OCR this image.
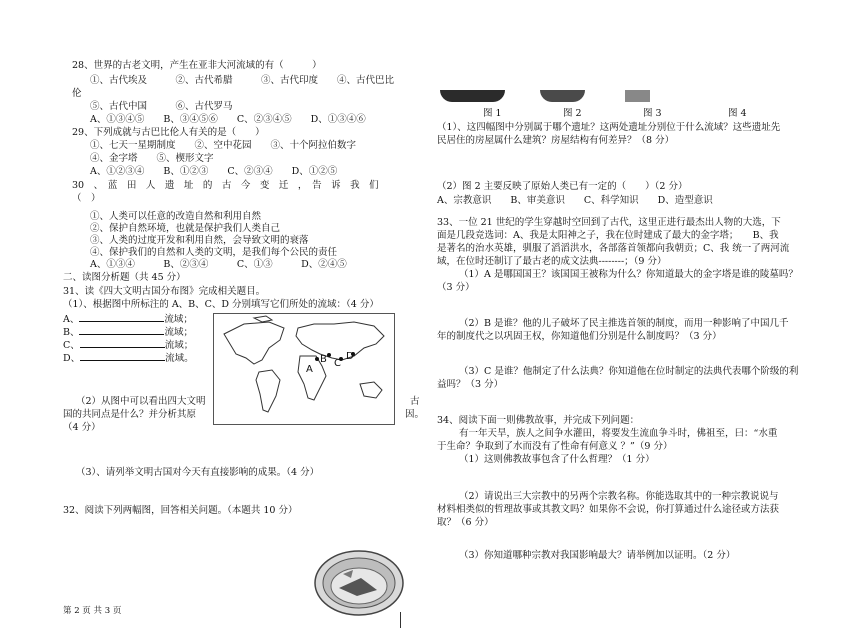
28、世界的古老文明，产生在亚非大河流域的有（　　　）
①、古代埃及　　　②、古代希腊　　　③、古代印度　　④、古代巴比
伦
⑤、古代中国　　　⑥、古代罗马
A、①③④⑤　　B、③④⑤⑥　　C、②③④⑤　　D、①③④⑥
29、下列成就与古巴比伦人有关的是（　　）
①、七天一星期制度　　②、空中花园　　③、十个阿拉伯数字
④、金字塔　　⑤、楔形文字
A、①②③④　　B、①②③　　C、②③④　　D、①②⑤
30　、　蓝　田　人　遗　址　的　古　今　变　迁　，　告　诉　我　们
（　）
①、人类可以任意的改造自然和利用自然
②、保护自然环境，也就是保护我们人类自己
③、人类的过度开发和利用自然，会导致文明的衰落
④、保护我们的自然和人类的文明，是我们每个公民的责任
A、①③④　　　B、②③④　　　C、①③　　　D、②④⑤
二、读图分析题（共 45 分）
31、读《四大文明古国分布图》完成相关题目。
（1）、根据图中所标注的 A、B、C、D 分别填写它们所处的流域：（4 分）
A、	流域；
B、	流域；
C、	流域；
D、	流域。
A
B C
D
（2）从图中可以看出四大文明	古
国的共同点是什么？并分析其原	因。
（4 分）
（3）、请列举文明古国对今天有直接影响的成果。（4 分）
32、阅读下列两幅图，回答相关问题。（本题共 10 分）
第 2 页 共 3 页
图 1	图 2	图 3	图 4
（1）、这四幅图中分别属于哪个遗址？这两处遗址分别位于什么流域？这些遗址先
民居住的房屋属什么建筑？房屋结构有何差异？（8 分）
（2）图 2 主要反映了原始人类已有一定的（　　）（2 分）
A、宗教意识　　B、审美意识　　C、科学知识　　D、造型意识
33、一位 21 世纪的学生穿越时空回到了古代，这里正进行最杰出人物的大选，下
面是几段竞选词：A、我是太阳神之子，我在位时建成了最大的金字塔；　　B、我
是著名的治水英雄，驯服了滔滔洪水，各部落首领都向我朝贡；C、我 统一了两河流
域，在位时还制订了最古老的成文法典--------；（9 分）
（1）A 是哪国国王？该国国王被称为什么？你知道最大的金字塔是谁的陵墓吗？
（3 分）
（2）B 是谁？他的儿子破坏了民主推选首领的制度，而用一种影响了中国几千
年的制度代之以巩固王权，你知道他们分别是什么制度吗？（3 分）
（3）C 是谁？他制定了什么法典？你知道他在位时制定的法典代表哪个阶级的利
益吗？（3 分）
34、阅读下面一则佛教故事，并完成下列问题：
有一年天旱，族人之间争水灌田，将要发生流血争斗时，佛祖至，曰：“水重
于生命？争取到了水而没有了性命有何意义 ？”（9 分）
（1）这则佛教故事包含了什么哲理？（1 分）
（2）请说出三大宗教中的另两个宗教名称。你能选取其中的一种宗教说说与
材料相类似的哲理故事或其教文吗？如果你不会说，你打算通过什么途径或方法获
取？（6 分）
（3）你知道哪种宗教对我国影响最大？请举例加以证明。（2 分）
